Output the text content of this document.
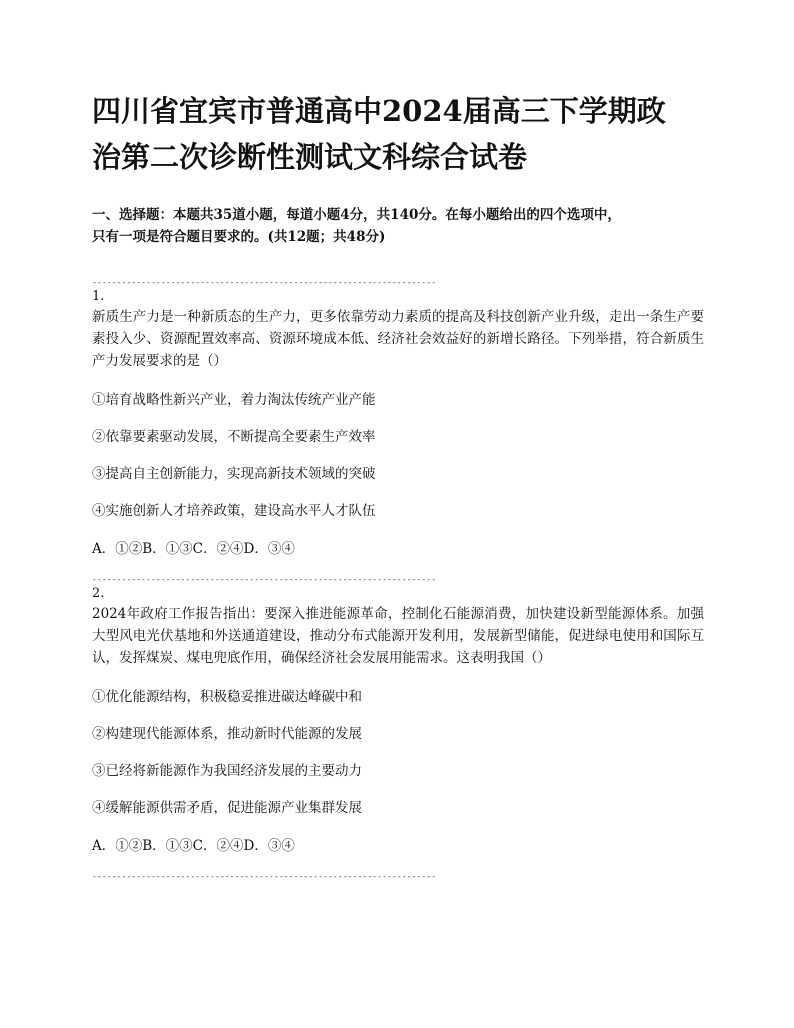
四川省宜宾市普通高中2024届高三下学期政
治第二次诊断性测试文科综合试卷
一、选择题：本题共35道小题，每道小题4分，共140分。在每小题给出的四个选项中，
只有一项是符合题目要求的。(共12题；共48分)
----------------------------------------------------------------------
1.
新质生产力是一种新质态的生产力，更多依靠劳动力素质的提高及科技创新产业升级，走出一条生产要素投入少、资源配置效率高、资源环境成本低、经济社会效益好的新增长路径。下列举措，符合新质生产力发展要求的是（）
①培育战略性新兴产业，着力淘汰传统产业产能
②依靠要素驱动发展，不断提高全要素生产效率
③提高自主创新能力，实现高新技术领域的突破
④实施创新人才培养政策，建设高水平人才队伍
A．①②B．①③C．②④D．③④
----------------------------------------------------------------------
2.
2024年政府工作报告指出：要深入推进能源革命，控制化石能源消费，加快建设新型能源体系。加强大型风电光伏基地和外送通道建设，推动分布式能源开发利用，发展新型储能，促进绿电使用和国际互认，发挥煤炭、煤电兜底作用，确保经济社会发展用能需求。这表明我国（）
①优化能源结构，积极稳妥推进碳达峰碳中和
②构建现代能源体系，推动新时代能源的发展
③已经将新能源作为我国经济发展的主要动力
④缓解能源供需矛盾，促进能源产业集群发展
A．①②B．①③C．②④D．③④
----------------------------------------------------------------------
